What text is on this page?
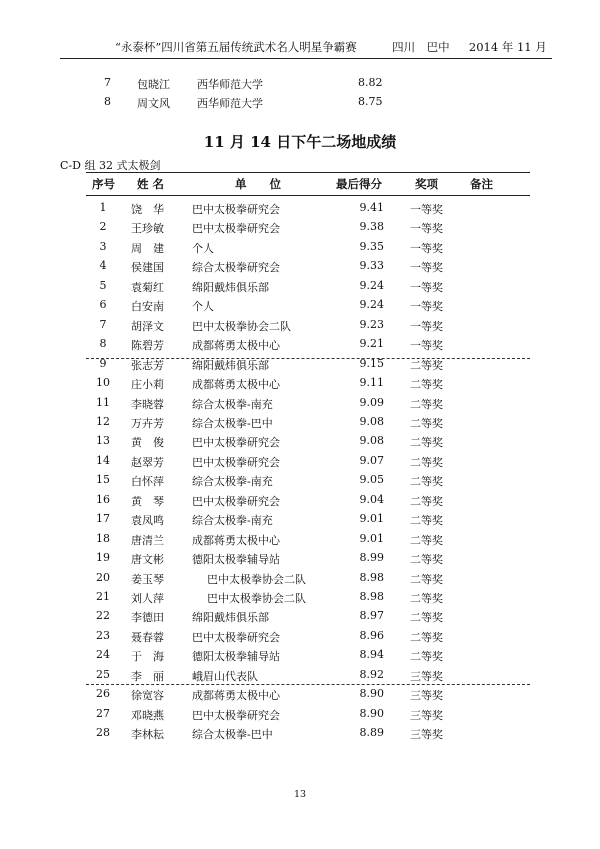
“永泰杯”四川省第五届传统武术名人明星争霸赛	四川　巴中 2014 年 11 月
7 包晓江 西华师范大学	8.82
8 周文风 西华师范大学	8.75
11 月 14 日下午二场地成绩
C-D 组 32 式太极剑
序号 姓 名	单　　位	最后得分	奖项	备注
1	饶　华	巴中太极拳研究会	9.41 一等奖
2	王珍敏	巴中太极拳研究会	9.38 一等奖
3	周　建	个人	9.35 一等奖
4	侯建国	综合太极拳研究会	9.33 一等奖
5	袁菊红	绵阳戴炜俱乐部	9.24 一等奖
6	白安南	个人	9.24 一等奖
7	胡泽文	巴中太极拳协会二队	9.23 一等奖
8	陈碧芳	成都蒋勇太极中心	9.21 一等奖
9	张志芳	绵阳戴炜俱乐部	9.15 二等奖
10	庄小莉	成都蒋勇太极中心	9.11 二等奖
11	李晓蓉	综合太极拳-南充	9.09 二等奖
12	万卉芳	综合太极拳-巴中	9.08 二等奖
13	黄　俊	巴中太极拳研究会	9.08 二等奖
14	赵翠芳	巴中太极拳研究会	9.07 二等奖
15	白怀萍	综合太极拳-南充	9.05 二等奖
16	黄　琴	巴中太极拳研究会	9.04 二等奖
17	袁凤鸣	综合太极拳-南充	9.01 二等奖
18	唐清兰	成都蒋勇太极中心	9.01 二等奖
19	唐文彬	德阳太极拳辅导站	8.99 二等奖
20	姜玉琴	巴中太极拳协会二队	8.98 二等奖
21	刘人萍	巴中太极拳协会二队	8.98 二等奖
22	李德田	绵阳戴炜俱乐部	8.97 二等奖
23	聂春蓉	巴中太极拳研究会	8.96 二等奖
24	于　海	德阳太极拳辅导站	8.94 二等奖
25	李　丽	峨眉山代表队	8.92 三等奖
26	徐宽容	成都蒋勇太极中心	8.90 三等奖
27	邓晓燕	巴中太极拳研究会	8.90 三等奖
28	李林耘	综合太极拳-巴中	8.89 三等奖
13
